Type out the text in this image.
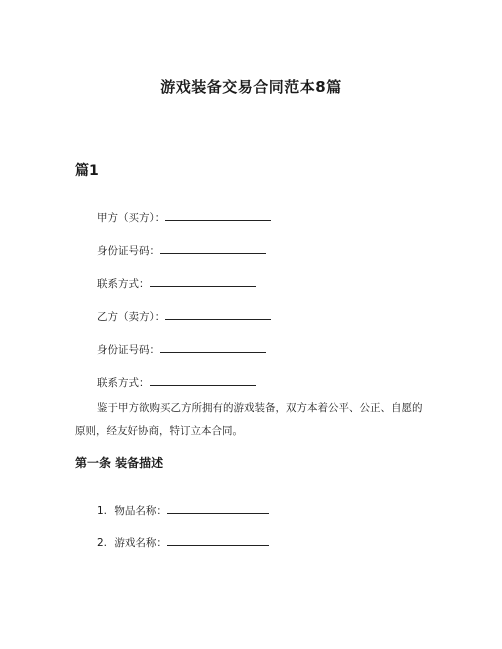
游戏装备交易合同范本8篇
篇1

甲方（买方）：

身份证号码：

联系方式：

乙方（卖方）：

身份证号码：

联系方式：

鉴于甲方欲购买乙方所拥有的游戏装备，双方本着公平、公正、自愿的原则，经友好协商，特订立本合同。

第一条 装备描述

1. 物品名称：

2. 游戏名称：
